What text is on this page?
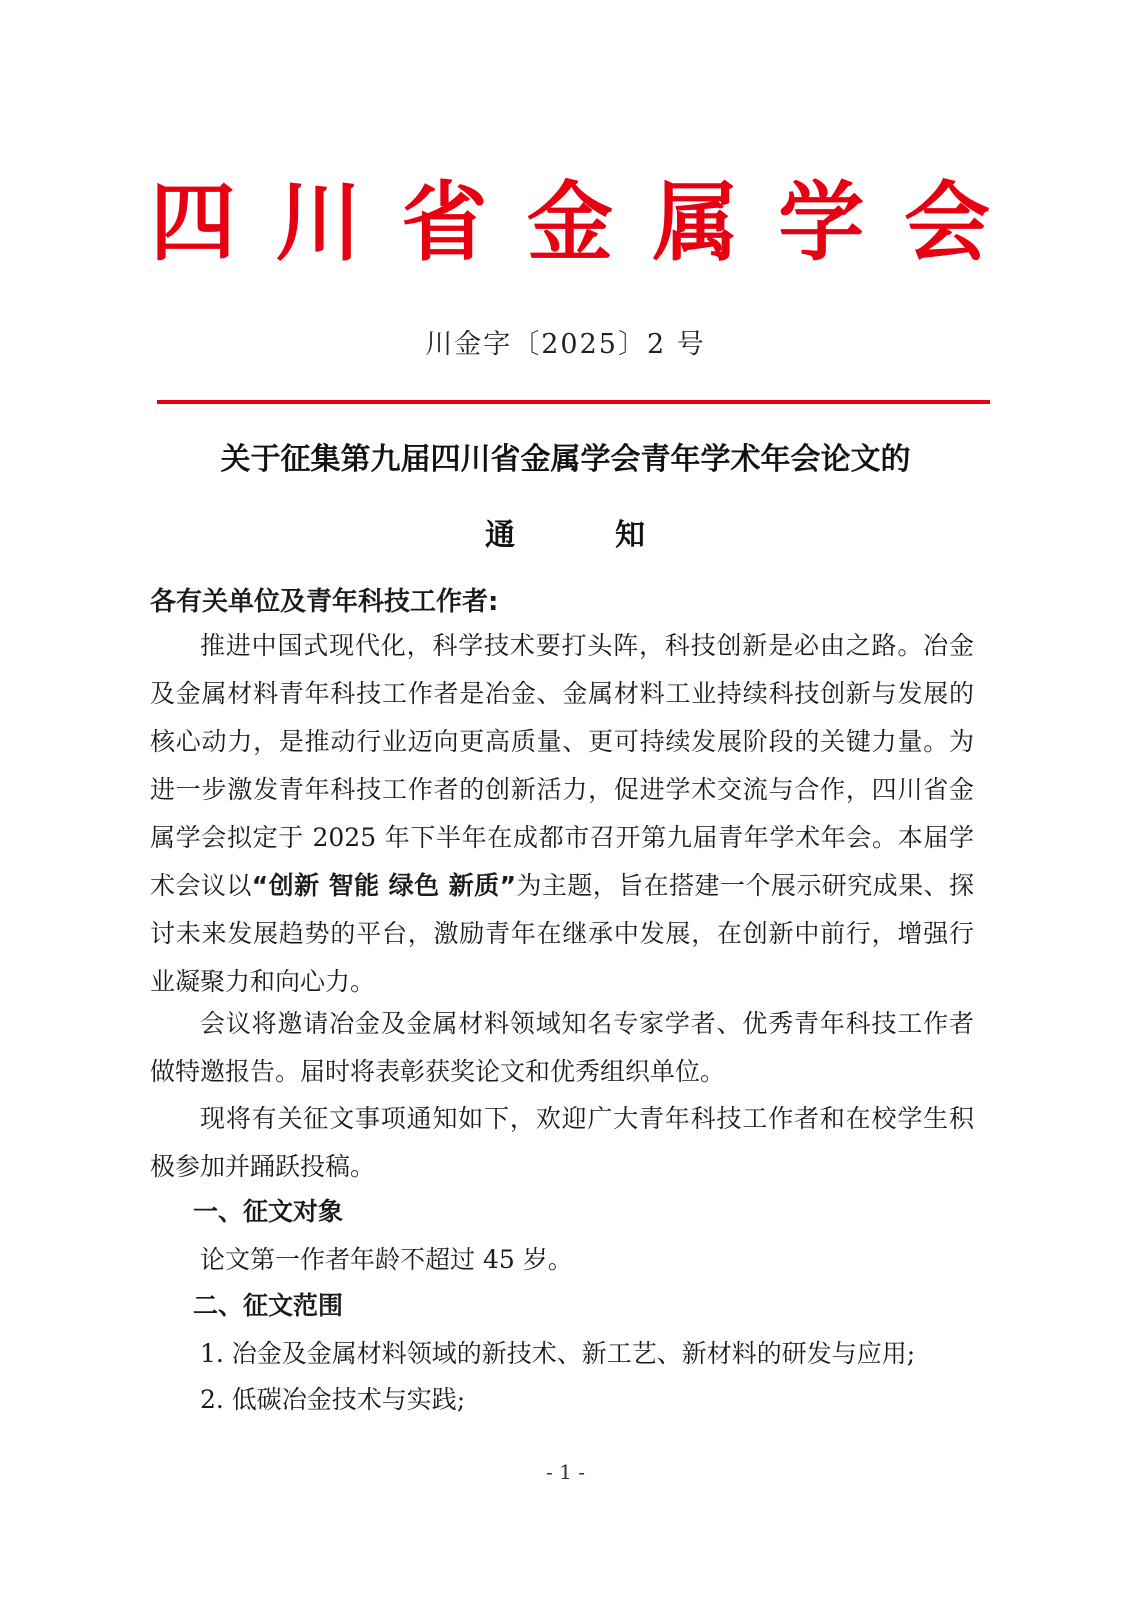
四 川 省 金 属 学 会
川金字〔2025〕2 号
关于征集第九届四川省金属学会青年学术年会论文的
通	知
各有关单位及青年科技工作者:

推进中国式现代化，科学技术要打头阵，科技创新是必由之路。冶金及金属材料青年科技工作者是冶金、金属材料工业持续科技创新与发展的核心动力，是推动行业迈向更高质量、更可持续发展阶段的关键力量。为进一步激发青年科技工作者的创新活力，促进学术交流与合作，四川省金属学会拟定于 2025 年下半年在成都市召开第九届青年学术年会。本届学术会议以“创新 智能 绿色 新质”为主题，旨在搭建一个展示研究成果、探讨未来发展趋势的平台，激励青年在继承中发展，在创新中前行，增强行业凝聚力和向心力。

会议将邀请冶金及金属材料领域知名专家学者、优秀青年科技工作者做特邀报告。届时将表彰获奖论文和优秀组织单位。

现将有关征文事项通知如下，欢迎广大青年科技工作者和在校学生积极参加并踊跃投稿。

一、征文对象
论文第一作者年龄不超过 45 岁。
二、征文范围
1. 冶金及金属材料领域的新技术、新工艺、新材料的研发与应用;
2. 低碳冶金技术与实践;
- 1 -
